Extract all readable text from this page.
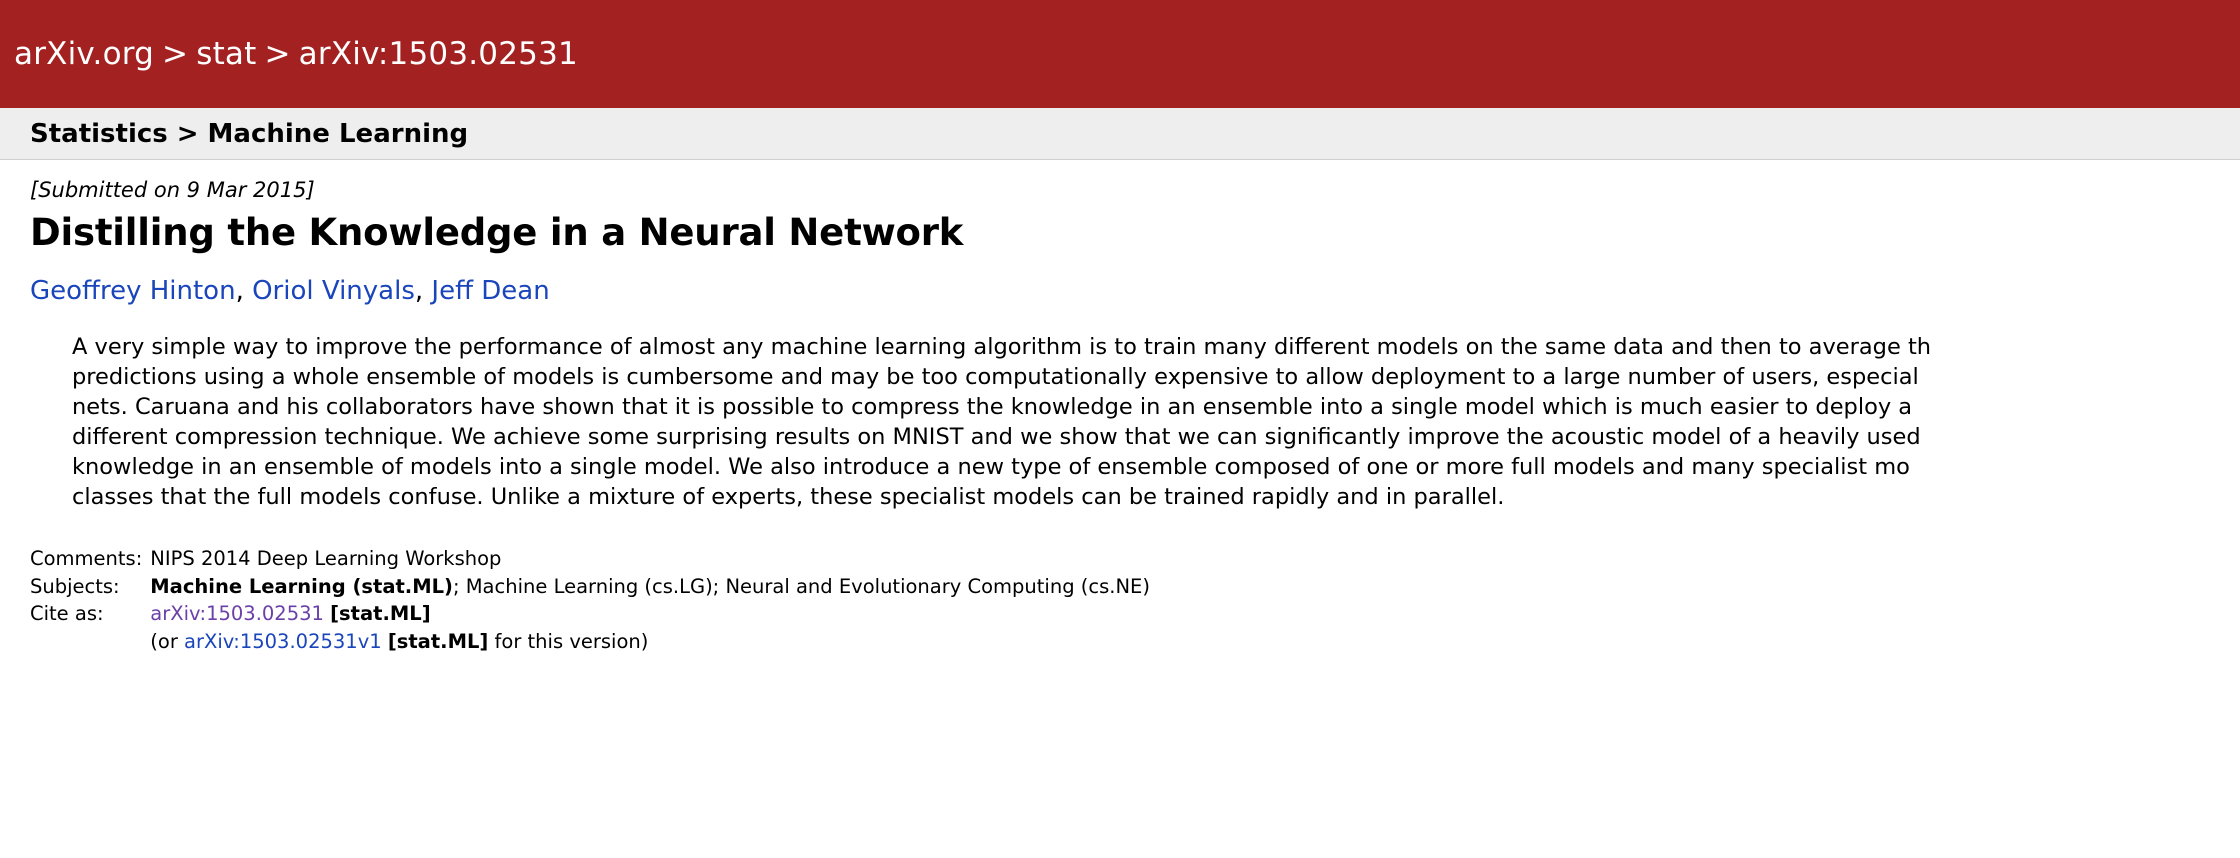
arXiv.org > stat > arXiv:1503.02531
Statistics > Machine Learning
[Submitted on 9 Mar 2015]
Distilling the Knowledge in a Neural Network
Geoffrey Hinton, Oriol Vinyals, Jeff Dean
A very simple way to improve the performance of almost any machine learning algorithm is to train many different models on the same data and then to average th
predictions using a whole ensemble of models is cumbersome and may be too computationally expensive to allow deployment to a large number of users, especial
nets. Caruana and his collaborators have shown that it is possible to compress the knowledge in an ensemble into a single model which is much easier to deploy a
different compression technique. We achieve some surprising results on MNIST and we show that we can significantly improve the acoustic model of a heavily used
knowledge in an ensemble of models into a single model. We also introduce a new type of ensemble composed of one or more full models and many specialist mo
classes that the full models confuse. Unlike a mixture of experts, these specialist models can be trained rapidly and in parallel.
Comments:	NIPS 2014 Deep Learning Workshop
Subjects:	Machine Learning (stat.ML); Machine Learning (cs.LG); Neural and Evolutionary Computing (cs.NE)
Cite as:	arXiv:1503.02531 [stat.ML]
	(or arXiv:1503.02531v1 [stat.ML] for this version)
